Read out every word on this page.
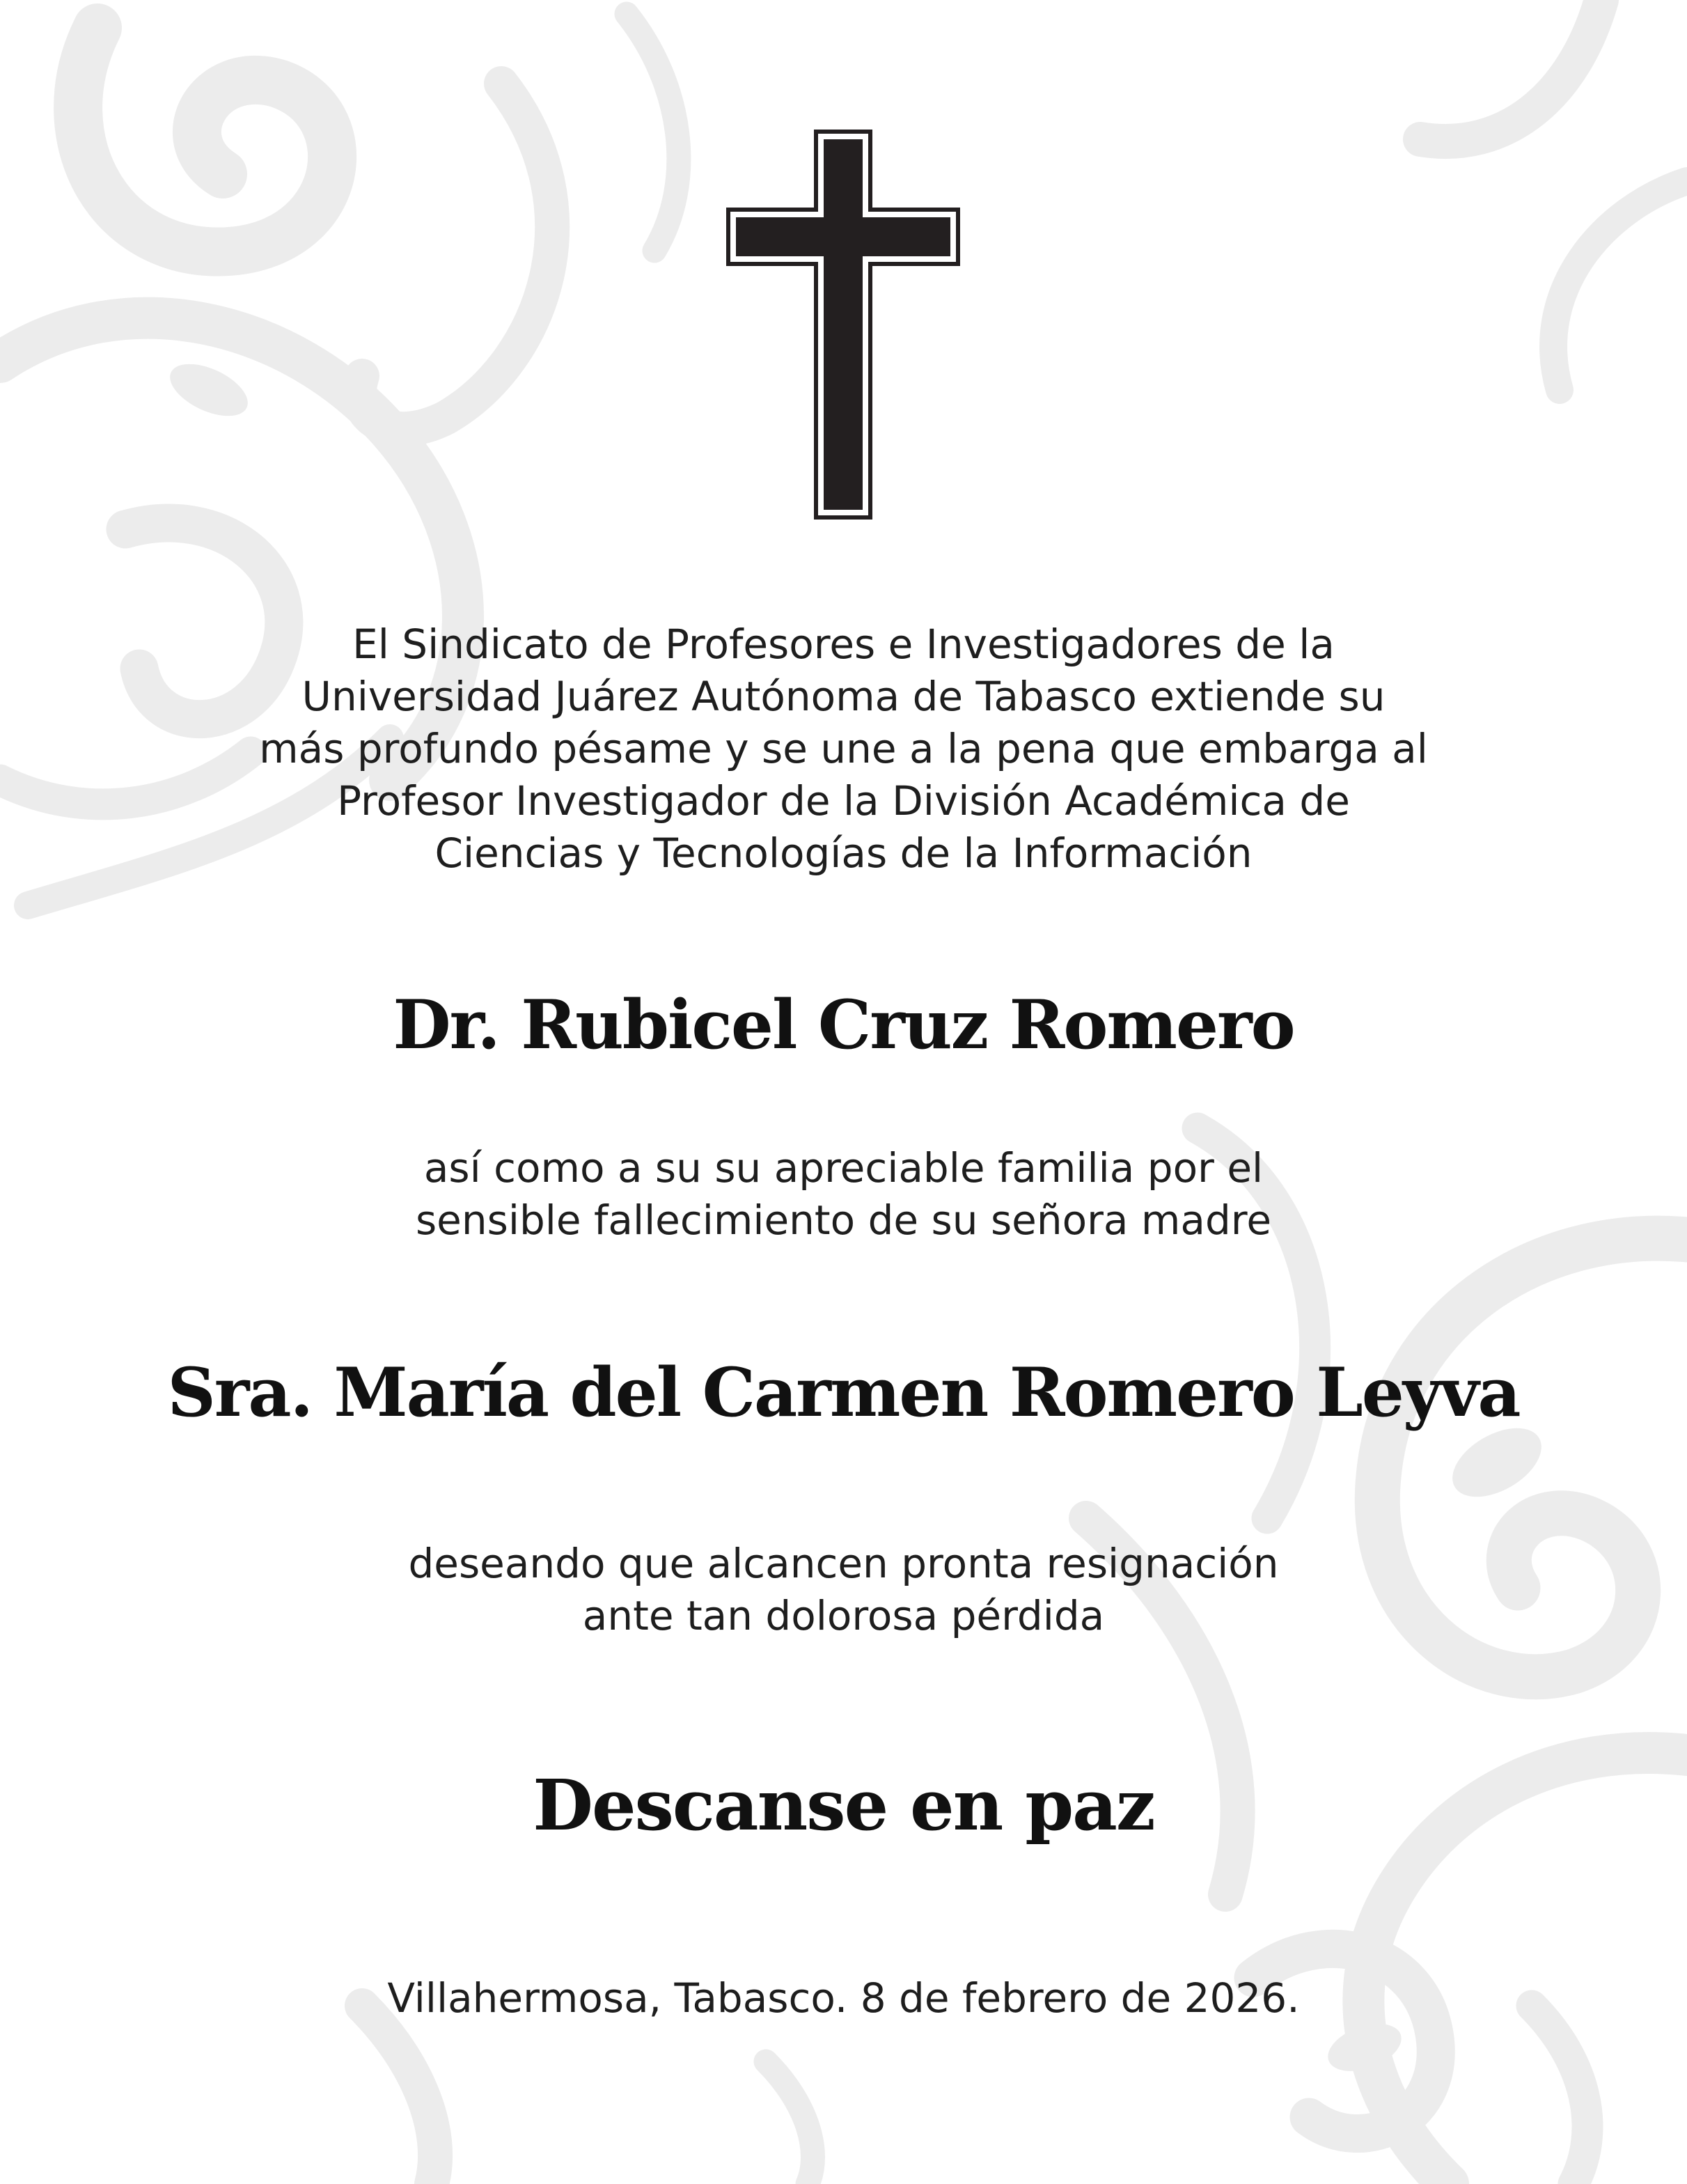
El Sindicato de Profesores e Investigadores de la
Universidad Juárez Autónoma de Tabasco extiende su
más profundo pésame y se une a la pena que embarga al
Profesor Investigador de la División Académica de
Ciencias y Tecnologías de la Información

Dr. Rubicel Cruz Romero

así como a su su apreciable familia por el
sensible fallecimiento de su señora madre

Sra. María del Carmen Romero Leyva

deseando que alcancen pronta resignación
ante tan dolorosa pérdida

Descanse en paz

Villahermosa, Tabasco. 8 de febrero de 2026.
